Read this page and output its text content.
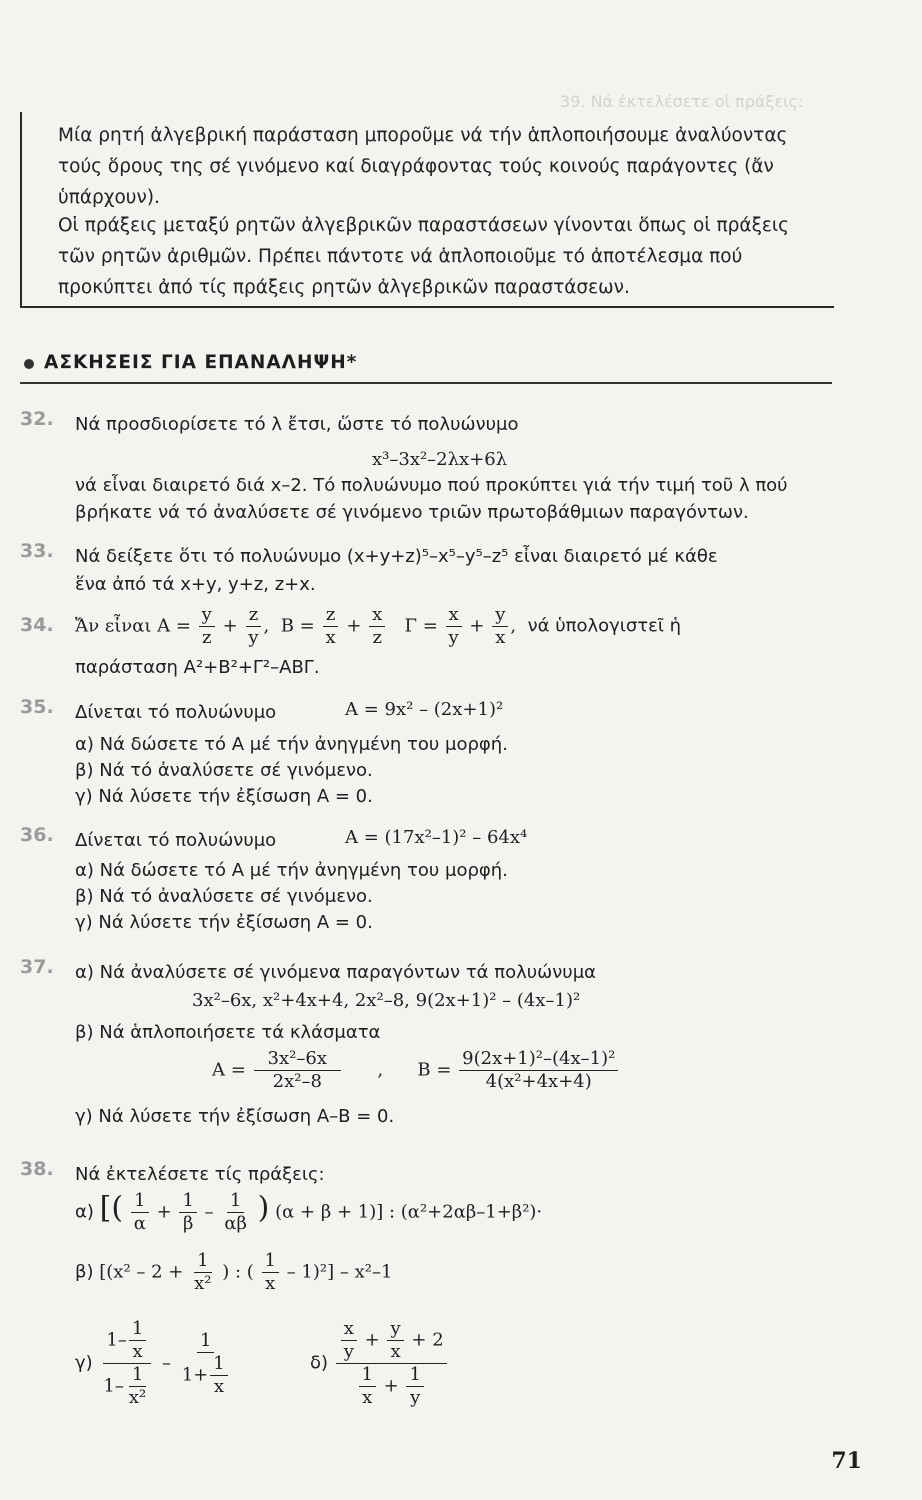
39. Νά ἐκτελέσετε οἱ πράξεις:

Μία ρητή ἀλγεβρική παράσταση μποροῦμε νά τήν ἁπλοποιήσουμε ἀναλύοντας τούς ὅρους της σέ γινόμενο καί διαγράφοντας τούς κοινούς παράγοντες (ἄν ὑπάρχουν).

Οἱ πράξεις μεταξύ ρητῶν ἀλγεβρικῶν παραστάσεων γίνονται ὅπως οἱ πράξεις τῶν ρητῶν ἀριθμῶν. Πρέπει πάντοτε νά ἁπλοποιοῦμε τό ἀποτέλεσμα πού προκύπτει ἀπό τίς πράξεις ρητῶν ἀλγεβρικῶν παραστάσεων.

ΑΣΚΗΣΕΙΣ ΓΙΑ ΕΠΑΝΑΛΗΨΗ*
32. Νά προσδιορίσετε τό λ ἔτσι, ὥστε τό πολυώνυμο
x³–3x²–2λx+6λ
νά εἶναι διαιρετό διά x–2. Τό πολυώνυμο πού προκύπτει γιά τήν τιμή τοῦ λ πού
βρήκατε νά τό ἀναλύσετε σέ γινόμενο τριῶν πρωτοβάθμιων παραγόντων.
33. Νά δείξετε ὅτι τό πολυώνυμο (x+y+z)⁵–x⁵–y⁵–z⁵ εἶναι διαιρετό μέ κάθε
ἕνα ἀπό τά x+y, y+z, z+x.
34. Ἄν εἶναι $A = \frac{y}{z} + \frac{z}{y}$ ,  $B = \frac{z}{x} + \frac{x}{z}$ $\Gamma = \frac{x}{y} + \frac{y}{x}$ ,  νά ὑπολογιστεῖ ἡ
παράσταση Α²+Β²+Γ²–ΑΒΓ.
35. Δίνεται τό πολυώνυμο	Α = 9x² – (2x+1)²
α) Νά δώσετε τό Α μέ τήν ἀνηγμένη του μορφή.
β) Νά τό ἀναλύσετε σέ γινόμενο.
γ) Νά λύσετε τήν ἐξίσωση Α = 0.
36. Δίνεται τό πολυώνυμο	Α = (17x²–1)² – 64x⁴
α) Νά δώσετε τό Α μέ τήν ἀνηγμένη του μορφή.
β) Νά τό ἀναλύσετε σέ γινόμενο.
γ) Νά λύσετε τήν ἐξίσωση Α = 0.
37. α) Νά ἀναλύσετε σέ γινόμενα παραγόντων τά πολυώνυμα
3x²–6x, x²+4x+4, 2x²–8, 9(2x+1)² – (4x–1)²
β) Νά ἁπλοποιήσετε τά κλάσματα
$A = \frac{\text{3x²–6x}}{\text{2x²–8}}$ ,      $B = \frac{\text{9(2x+1)²–(4x–1)²}}{\text{4(x²+4x+4)}}$
γ) Νά λύσετε τήν ἐξίσωση Α–Β = 0.
38. Νά ἐκτελέσετε τίς πράξεις:
α) [( $\frac{1}{\alpha} + \frac{1}{\beta} - \frac{1}{\alpha\beta}$ ) (α + β + 1)] : (α²+2αβ–1+β²)·
β) [($x^2 - 2 + \frac{1}{\text{x²}}$ ) : ( $\frac{1}{x} - 1)^2] - x^2-1$
$\gamma) \frac{1- \frac{1}{x}}{1- \frac{1}{\text{x²}}} - \frac{1}{1+ \frac{1}{x}}$	$\delta) \frac{\frac{x}{y} + \frac{y}{x} + 2}{\frac{1}{x} + \frac{1}{y}}$
71
